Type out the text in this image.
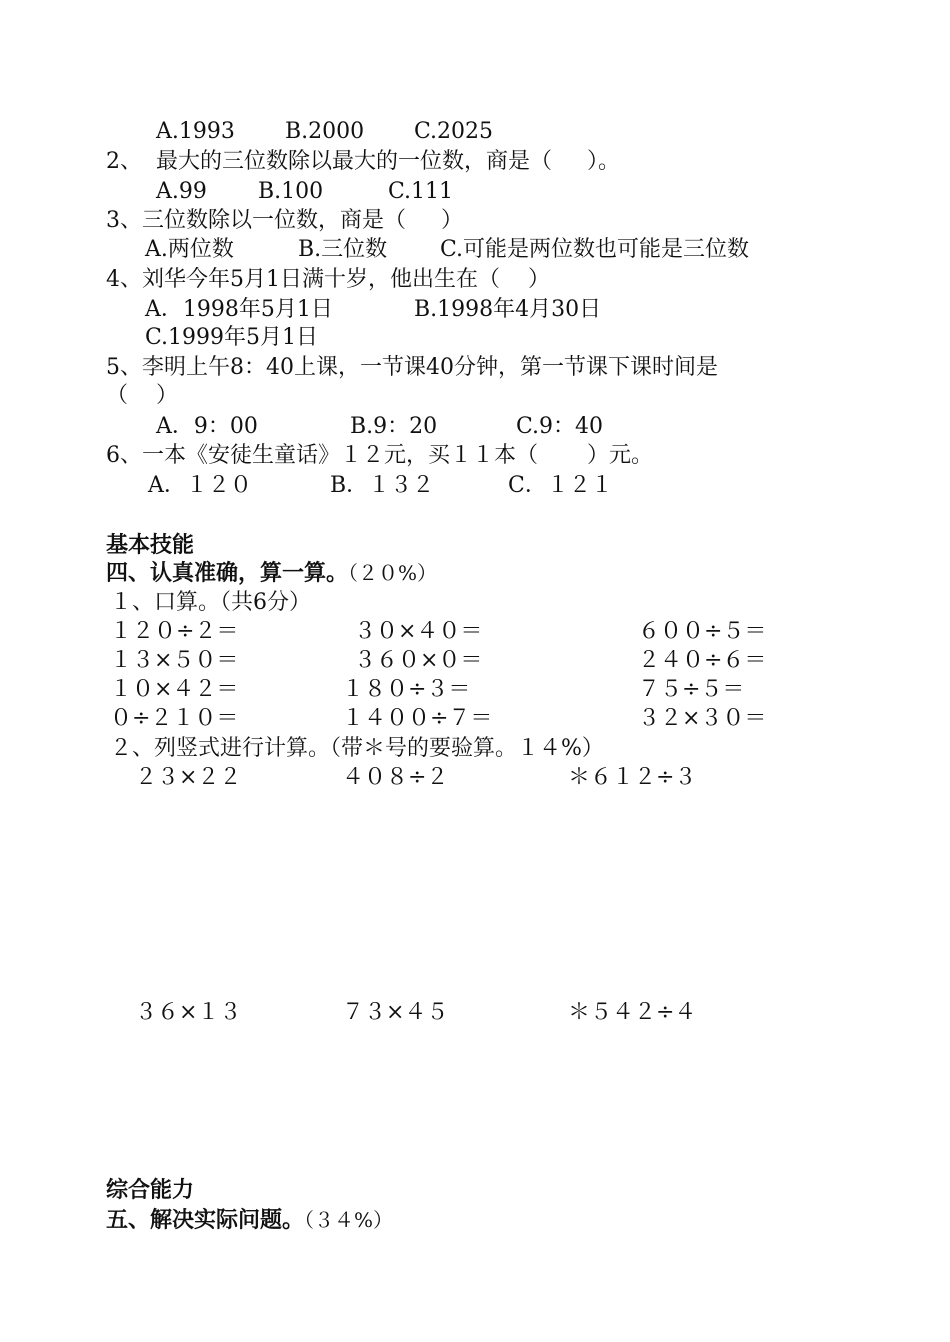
A.1993 B.2000 C.2025
2、  最大的三位数除以最大的一位数，商是（     ）。
A.99 B.100	C.111
3、三位数除以一位数，商是（     ）
A.两位数	B.三位数 C.可能是两位数也可能是三位数
4、刘华今年5月1日满十岁，他出生在（    ）
A．1998年5月1日	B.1998年4月30日
C.1999年5月1日
5、李明上午8：40上课，一节课40分钟，第一节课下课时间是
（    ）
A．9：00	B.9：20	C.9：40
6、一本《安徒生童话》１２元，买１１本（       ）元。
A．１２０	B．１３２	C．１２１
基本技能
四、认真准确，算一算。（２０%）
１、口算。（共6分）
１２０÷２＝	３０×４０＝	６００÷５＝
１３×５０＝	３６０×０＝	２４０÷６＝
１０×４２＝	１８０÷３＝	７５÷５＝
０÷２１０＝	１４００÷７＝	３２×３０＝
２、列竖式进行计算。（带＊号的要验算。１４%）
２３×２２	４０８÷２	＊６１２÷３
３６×１３	７３×４５	＊５４２÷４
综合能力
五、解决实际问题。（３４%）
